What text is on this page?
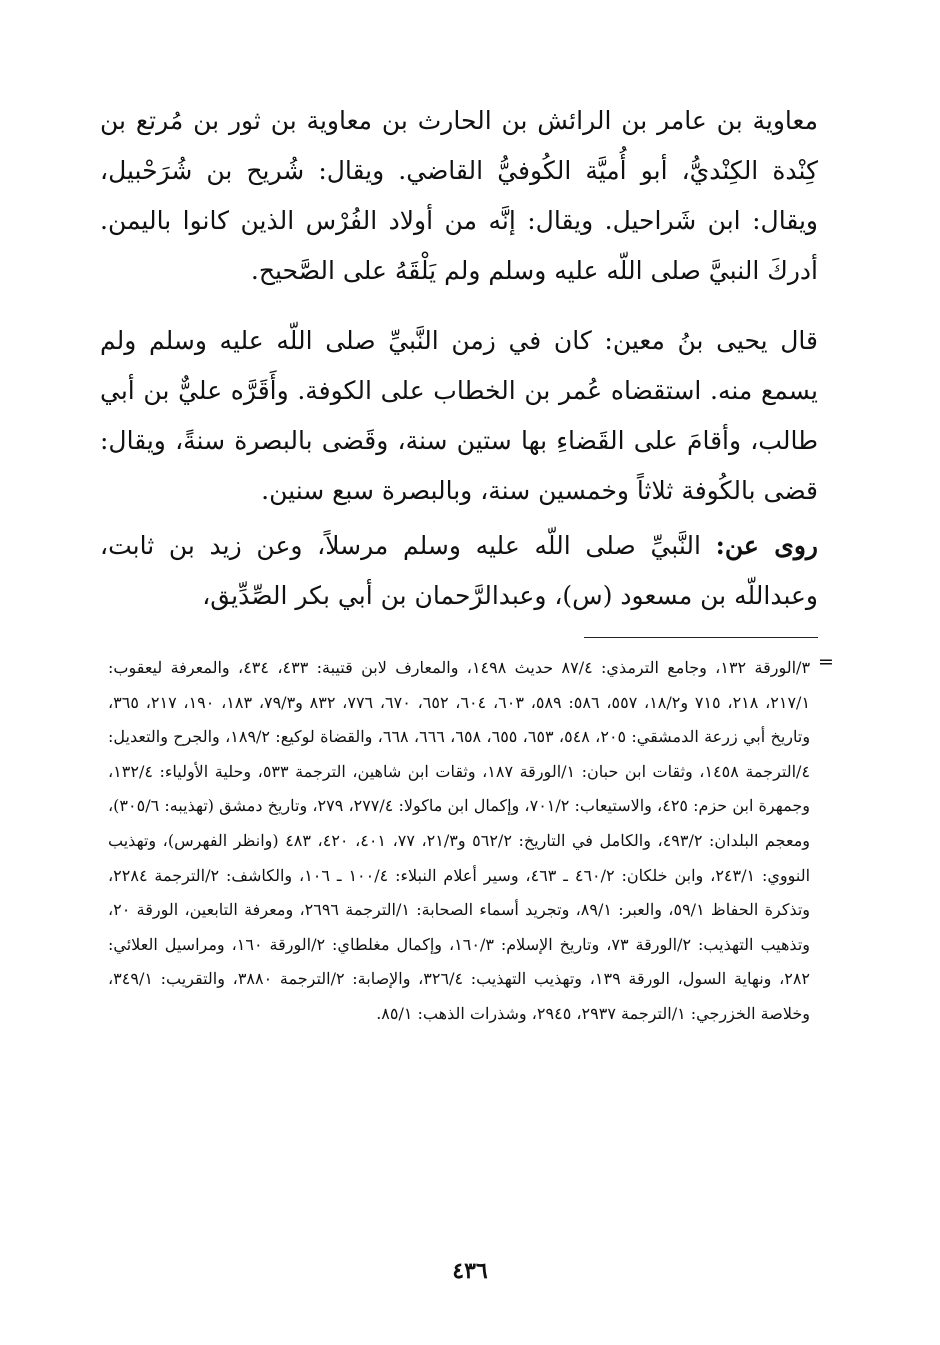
معاوية بن عامر بن الرائش بن الحارث بن معاوية بن ثور بن مُرتع بن كِنْدة الكِنْديُّ، أبو أُميَّة الكُوفيُّ القاضي. ويقال: شُريح بن شُرَحْبيل، ويقال: ابن شَراحيل. ويقال: إنَّه من أولاد الفُرْس الذين كانوا باليمن. أدركَ النبيَّ صلى اللّه عليه وسلم ولم يَلْقَهُ على الصَّحيح.

قال يحيى بنُ معين: كان في زمن النَّبيِّ صلى اللّه عليه وسلم ولم يسمع منه. استقضاه عُمر بن الخطاب على الكوفة. وأَقَرَّه عليٌّ بن أبي طالب، وأقامَ على القَضاءِ بها ستين سنة، وقَضى بالبصرة سنةً، ويقال: قضى بالكُوفة ثلاثاً وخمسين سنة، وبالبصرة سبع سنين.

روى عن: النَّبيِّ صلى اللّه عليه وسلم مرسلاً، وعن زيد بن ثابت، وعبداللّه بن مسعود (س)، وعبدالرَّحمان بن أبي بكر الصِّدِّيق،

=

٣/الورقة ١٣٢، وجامع الترمذي: ٨٧/٤ حديث ١٤٩٨، والمعارف لابن قتيبة: ٤٣٣، ٤٣٤، والمعرفة ليعقوب: ٢١٧/١، ٢١٨، ٧١٥ و١٨/٢، ٥٥٧، ٥٨٦: ٥٨٩، ٦٠٣، ٦٠٤، ٦٥٢، ٦٧٠، ٧٧٦، ٨٣٢ و٧٩/٣، ١٨٣، ١٩٠، ٢١٧، ٣٦٥، وتاريخ أبي زرعة الدمشقي: ٢٠٥، ٥٤٨، ٦٥٣، ٦٥٥، ٦٥٨، ٦٦٦، ٦٦٨، والقضاة لوكيع: ١٨٩/٢، والجرح والتعديل: ٤/الترجمة ١٤٥٨، وثقات ابن حبان: ١/الورقة ١٨٧، وثقات ابن شاهين، الترجمة ٥٣٣، وحلية الأولياء: ١٣٢/٤، وجمهرة ابن حزم: ٤٢٥، والاستيعاب: ٧٠١/٢، وإكمال ابن ماكولا: ٢٧٧/٤، ٢٧٩، وتاريخ دمشق (تهذيبه: ٣٠٥/٦)، ومعجم البلدان: ٤٩٣/٢، والكامل في التاريخ: ٥٦٢/٢ و٢١/٣، ٧٧، ٤٠١، ٤٢٠، ٤٨٣ (وانظر الفهرس)، وتهذيب النووي: ٢٤٣/١، وابن خلكان: ٤٦٠/٢ ـ ٤٦٣، وسير أعلام النبلاء: ١٠٠/٤ ـ ١٠٦، والكاشف: ٢/الترجمة ٢٢٨٤، وتذكرة الحفاظ ٥٩/١، والعبر: ٨٩/١، وتجريد أسماء الصحابة: ١/الترجمة ٢٦٩٦، ومعرفة التابعين، الورقة ٢٠، وتذهيب التهذيب: ٢/الورقة ٧٣، وتاريخ الإسلام: ١٦٠/٣، وإكمال مغلطاي: ٢/الورقة ١٦٠، ومراسيل العلائي: ٢٨٢، ونهاية السول، الورقة ١٣٩، وتهذيب التهذيب: ٣٢٦/٤، والإصابة: ٢/الترجمة ٣٨٨٠، والتقريب: ٣٤٩/١، وخلاصة الخزرجي: ١/الترجمة ٢٩٣٧، ٢٩٤٥، وشذرات الذهب: ٨٥/١.

٤٣٦
